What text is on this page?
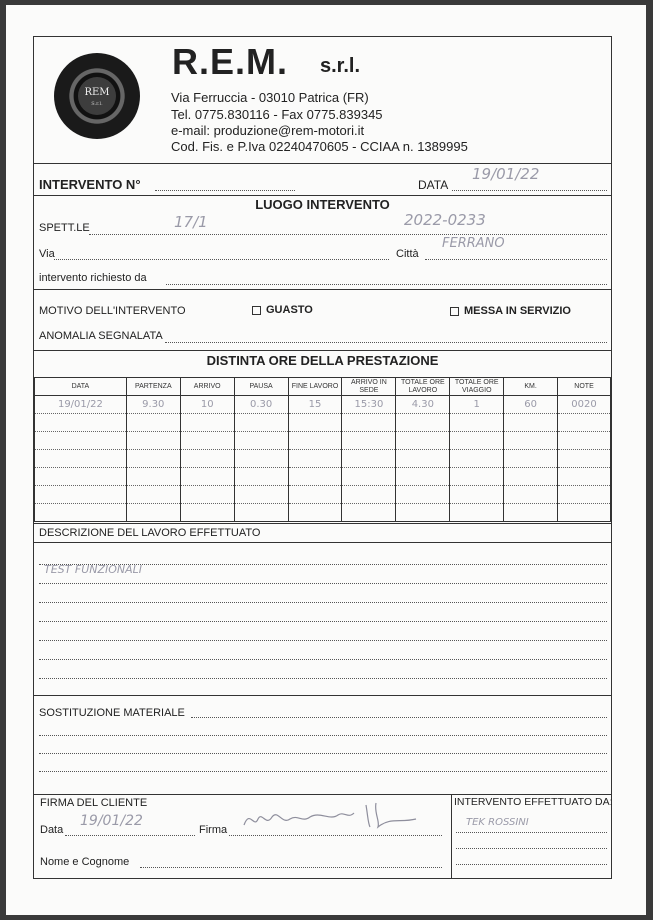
REM
S.r.l.
R.E.M. s.r.l.
Via Ferruccia - 03010 Patrica (FR)
Tel. 0775.830116 - Fax 0775.839345
e-mail: produzione@rem-motori.it
Cod. Fis. e P.Iva 02240470605 - CCIAA n. 1389995
INTERVENTO N°	DATA
19/01/22
LUOGO INTERVENTO
SPETT.LE	17/1	2022-0233
Via	Città
FERRANO
intervento richiesto da
MOTIVO DELL'INTERVENTO	GUASTO	MESSA IN SERVIZIO
ANOMALIA SEGNALATA
DISTINTA ORE DELLA PRESTAZIONE
DATA	PARTENZA	ARRIVO	PAUSA	FINE LAVORO	ARRIVO IN SEDE	TOTALE ORE LAVORO	TOTALE ORE VIAGGIO	KM.	NOTE
19/01/22	9.30	10	0.30	15	15:30	4.30	1	60	0020

DESCRIZIONE DEL LAVORO EFFETTUATO
TEST FUNZIONALI
SOSTITUZIONE MATERIALE
FIRMA DEL CLIENTE
Data
19/01/22
Firma
Nome e Cognome
INTERVENTO EFFETTUATO DA:
TEK ROSSINI
